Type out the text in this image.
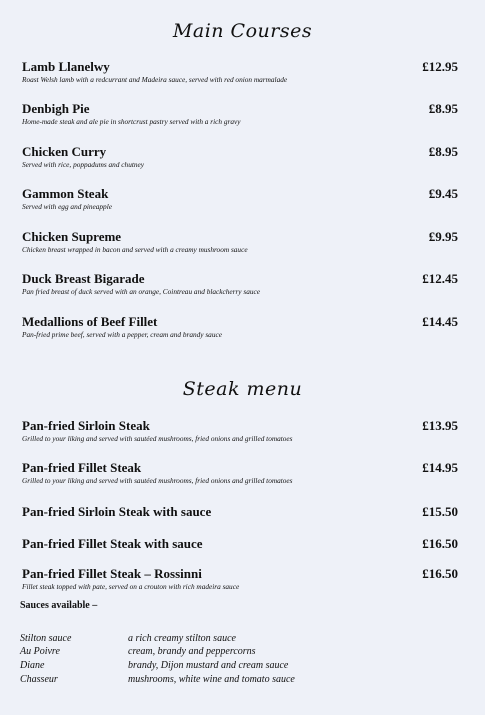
Main Courses
Lamb Llanelwy
Roast Welsh lamb with a redcurrant and Madeira sauce, served with red onion marmalade
£12.95
Denbigh Pie
Home-made steak and ale pie in shortcrust pastry served with a rich gravy
£8.95
Chicken Curry
Served with rice, poppadums and chutney
£8.95
Gammon Steak
Served with egg and pineapple
£9.45
Chicken Supreme
Chicken breast wrapped in bacon and served with a creamy mushroom sauce
£9.95
Duck Breast Bigarade
Pan fried breast of duck served with an orange, Cointreau and blackcherry sauce
£12.45
Medallions of Beef Fillet
Pan-fried prime beef, served with a pepper, cream and brandy sauce
£14.45
Steak menu
Pan-fried Sirloin Steak
Grilled to your liking and served with sautéed mushrooms, fried onions and grilled tomatoes
£13.95
Pan-fried Fillet Steak
Grilled to your liking and served with sautéed mushrooms, fried onions and grilled tomatoes
£14.95
Pan-fried Sirloin Steak with sauce	£15.50
Pan-fried Fillet Steak with sauce	£16.50
Pan-fried Fillet Steak – Rossinni
Fillet steak topped with pate, served on a crouton with rich madeira sauce
£16.50
Sauces available –
Stilton sauce	a rich creamy stilton sauce
Au Poivre	cream, brandy and peppercorns
Diane	brandy, Dijon mustard and cream sauce
Chasseur	mushrooms, white wine and tomato sauce
